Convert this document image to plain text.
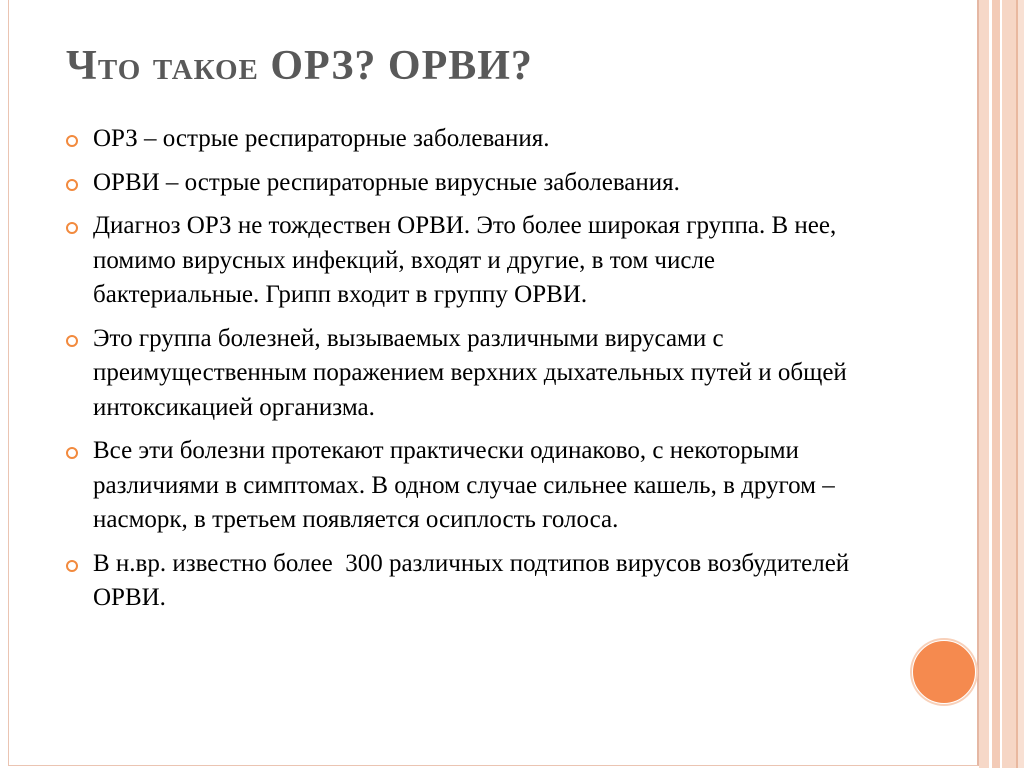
Что такое ОРЗ? ОРВИ?
ОРЗ – острые респираторные заболевания.
ОРВИ – острые респираторные вирусные заболевания.
Диагноз ОРЗ не тождествен ОРВИ. Это более широкая группа. В нее, помимо вирусных инфекций, входят и другие, в том числе бактериальные. Грипп входит в группу ОРВИ.
Это группа болезней, вызываемых различными вирусами с преимущественным поражением верхних дыхательных путей и общей интоксикацией организма.
Все эти болезни протекают практически одинаково, с некоторыми различиями в симптомах. В одном случае сильнее кашель, в другом – насморк, в третьем появляется осиплость голоса.
В н.вр. известно более  300 различных подтипов вирусов возбудителей ОРВИ.
